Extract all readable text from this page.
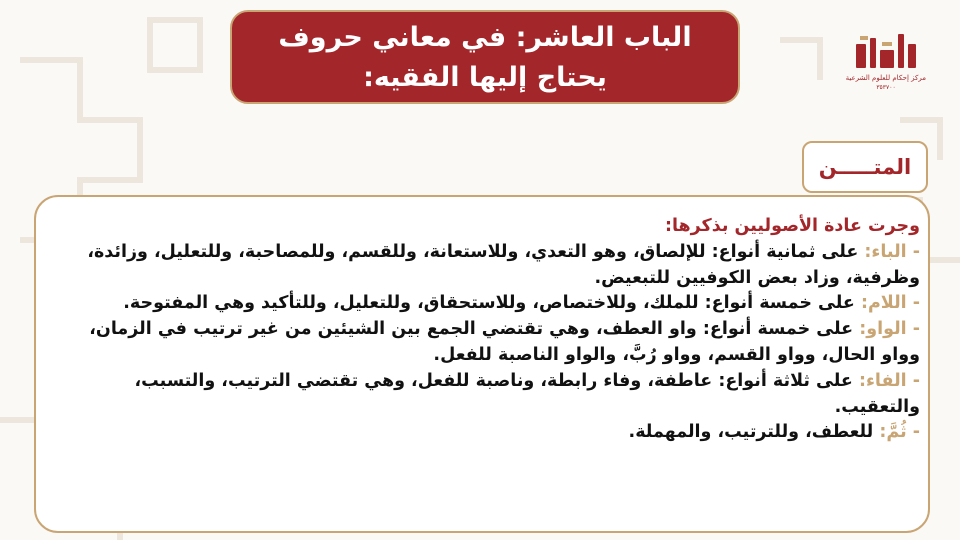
الباب العاشر: في معاني حروف
يحتاج إليها الفقيه:	مركز إحكام للعلوم الشرعية
٣٥٣٧٠٠
المتـــــن

وجرت عادة الأصوليين بذكرها:

- الباء: على ثمانية أنواع: للإلصاق، وهو التعدي، وللاستعانة، وللقسم، وللمصاحبة، وللتعليل، وزائدة، وظرفية، وزاد بعض الكوفيين للتبعيض.

- اللام: على خمسة أنواع: للملك، وللاختصاص، وللاستحقاق، وللتعليل، وللتأكيد وهي المفتوحة.

- الواو: على خمسة أنواع: واو العطف، وهي تقتضي الجمع بين الشيئين من غير ترتيب في الزمان، وواو الحال، وواو القسم، وواو رُبَّ، والواو الناصبة للفعل.

- الفاء: على ثلاثة أنواع: عاطفة، وفاء رابطة، وناصبة للفعل، وهي تقتضي الترتيب، والتسبب، والتعقيب.

- ثُمَّ: للعطف، وللترتيب، والمهملة.
